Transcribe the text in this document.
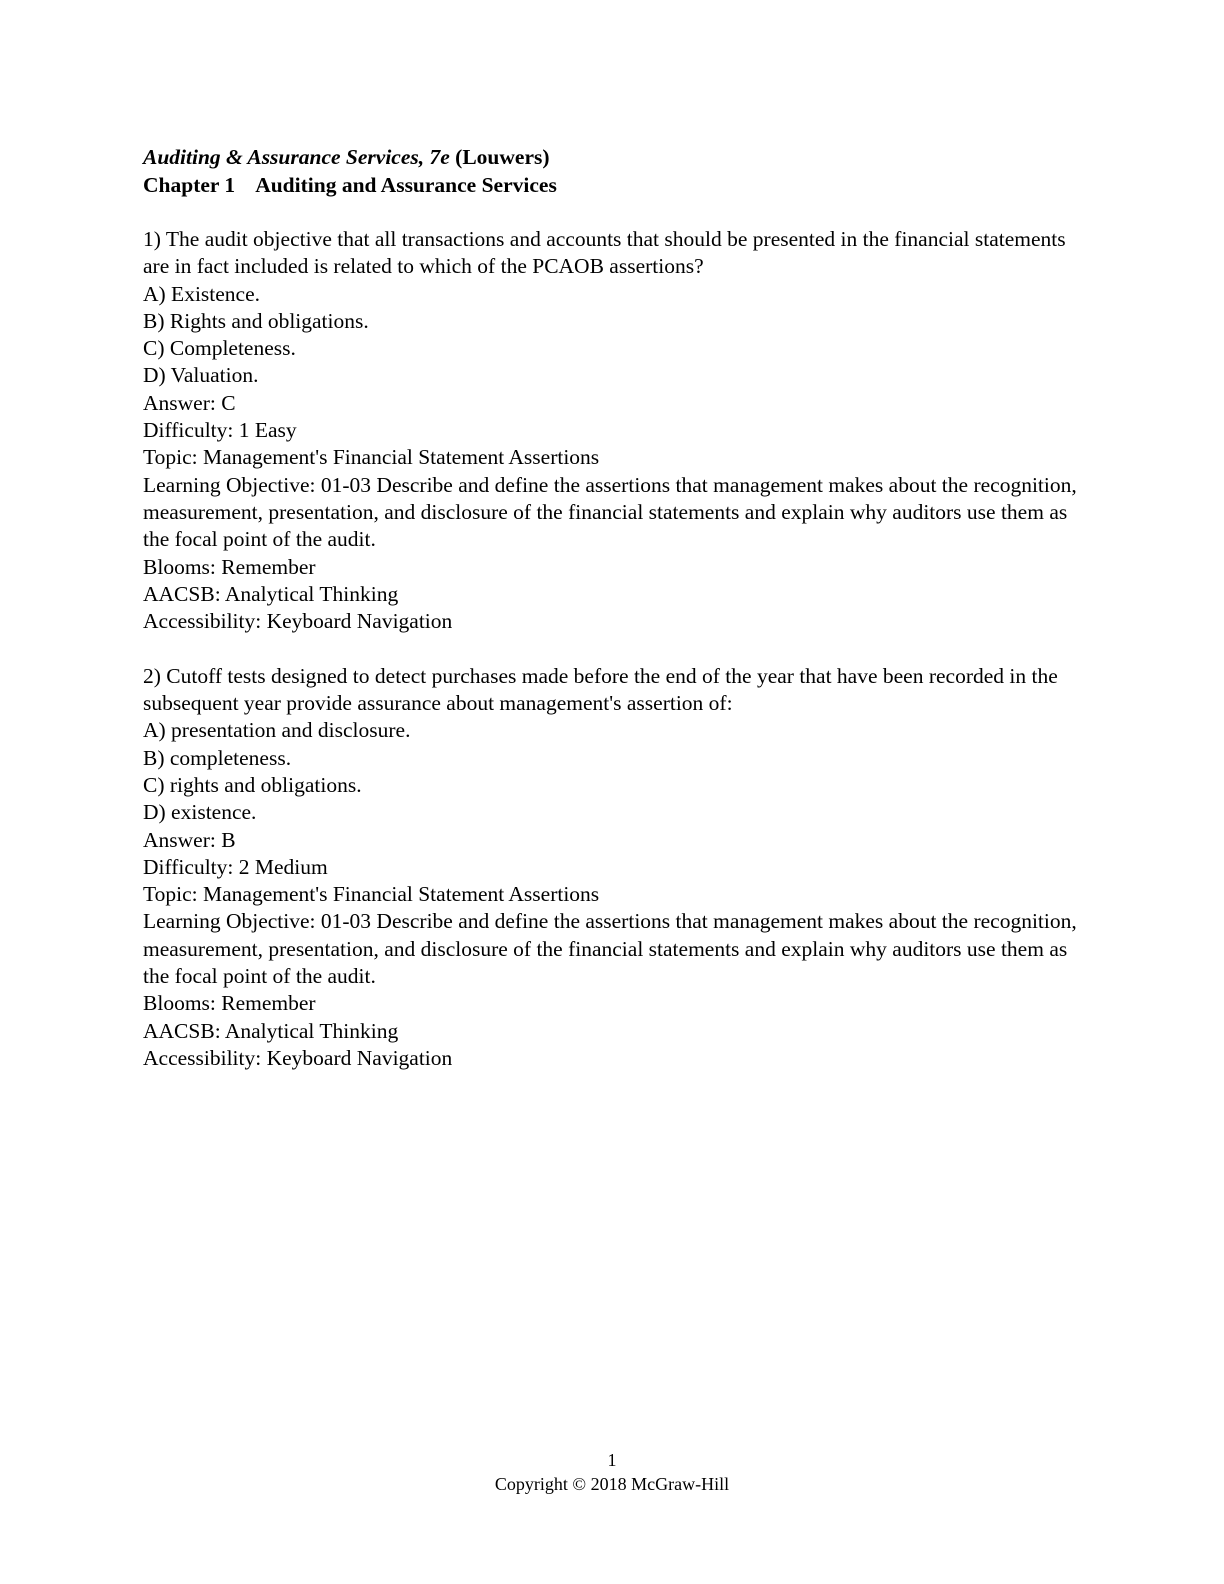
Auditing & Assurance Services, 7e (Louwers)
Chapter 1 Auditing and Assurance Services
1) The audit objective that all transactions and accounts that should be presented in the financial statements are in fact included is related to which of the PCAOB assertions?
A) Existence.
B) Rights and obligations.
C) Completeness.
D) Valuation.
Answer: C
Difficulty: 1 Easy
Topic: Management's Financial Statement Assertions
Learning Objective: 01-03 Describe and define the assertions that management makes about the recognition, measurement, presentation, and disclosure of the financial statements and explain why auditors use them as the focal point of the audit.
Blooms: Remember
AACSB: Analytical Thinking
Accessibility: Keyboard Navigation
2) Cutoff tests designed to detect purchases made before the end of the year that have been recorded in the subsequent year provide assurance about management's assertion of:
A) presentation and disclosure.
B) completeness.
C) rights and obligations.
D) existence.
Answer: B
Difficulty: 2 Medium
Topic: Management's Financial Statement Assertions
Learning Objective: 01-03 Describe and define the assertions that management makes about the recognition, measurement, presentation, and disclosure of the financial statements and explain why auditors use them as the focal point of the audit.
Blooms: Remember
AACSB: Analytical Thinking
Accessibility: Keyboard Navigation
1
Copyright © 2018 McGraw-Hill
